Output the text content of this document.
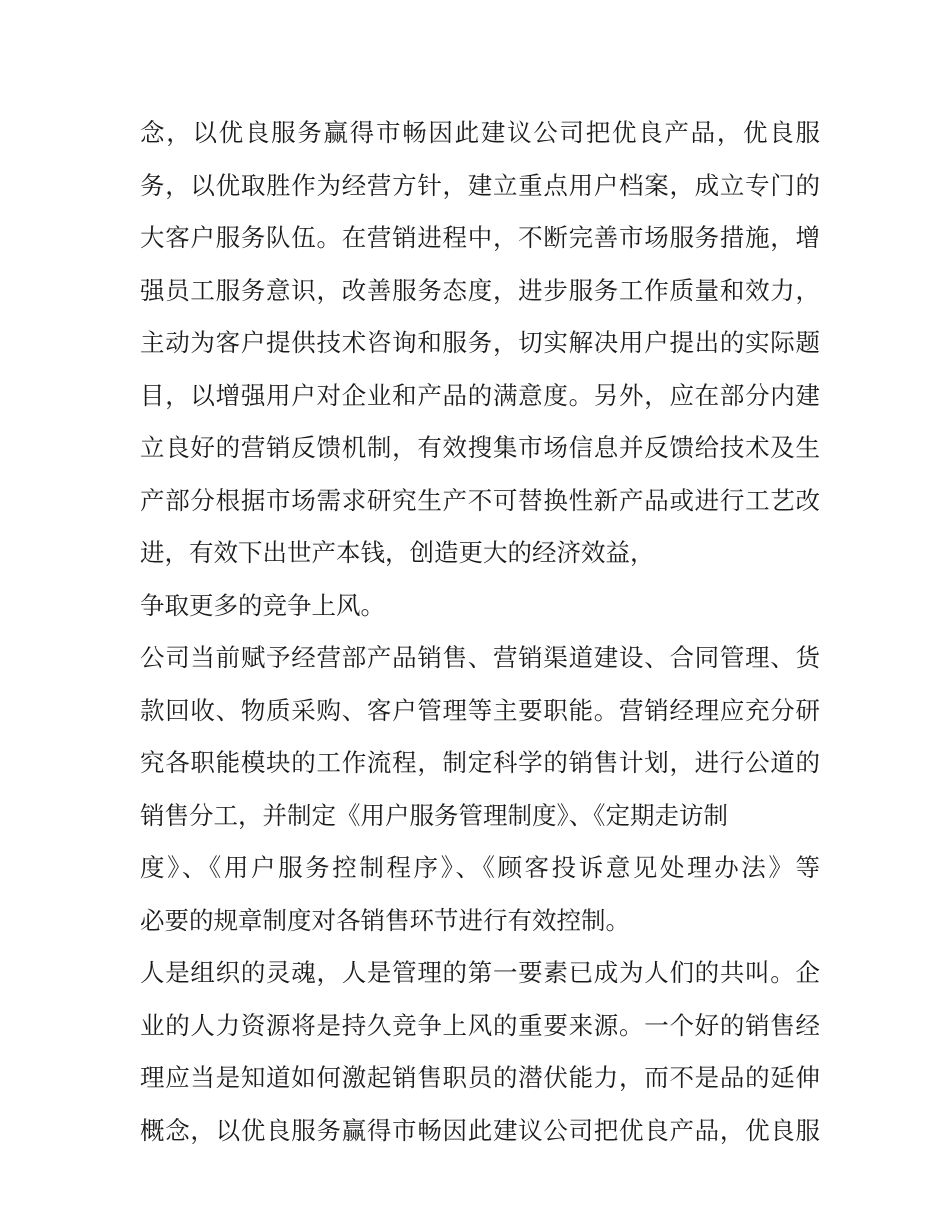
念，以优良服务赢得市畅因此建议公司把优良产品，优良服
务，以优取胜作为经营方针，建立重点用户档案，成立专门的
大客户服务队伍。在营销进程中，不断完善市场服务措施，增
强员工服务意识，改善服务态度，进步服务工作质量和效力，
主动为客户提供技术咨询和服务，切实解决用户提出的实际题
目，以增强用户对企业和产品的满意度。另外，应在部分内建
立良好的营销反馈机制，有效搜集市场信息并反馈给技术及生
产部分根据市场需求研究生产不可替换性新产品或进行工艺改
进，有效下出世产本钱，创造更大的经济效益，
争取更多的竞争上风。
公司当前赋予经营部产品销售、营销渠道建设、合同管理、货
款回收、物质采购、客户管理等主要职能。营销经理应充分研
究各职能模块的工作流程，制定科学的销售计划，进行公道的
销售分工，并制定《用户服务管理制度》、《定期走访制
度》、《用户服务控制程序》、《顾客投诉意见处理办法》等
必要的规章制度对各销售环节进行有效控制。
人是组织的灵魂，人是管理的第一要素已成为人们的共叫。企
业的人力资源将是持久竞争上风的重要来源。一个好的销售经
理应当是知道如何激起销售职员的潜伏能力，而不是品的延伸
概念，以优良服务赢得市畅因此建议公司把优良产品，优良服
